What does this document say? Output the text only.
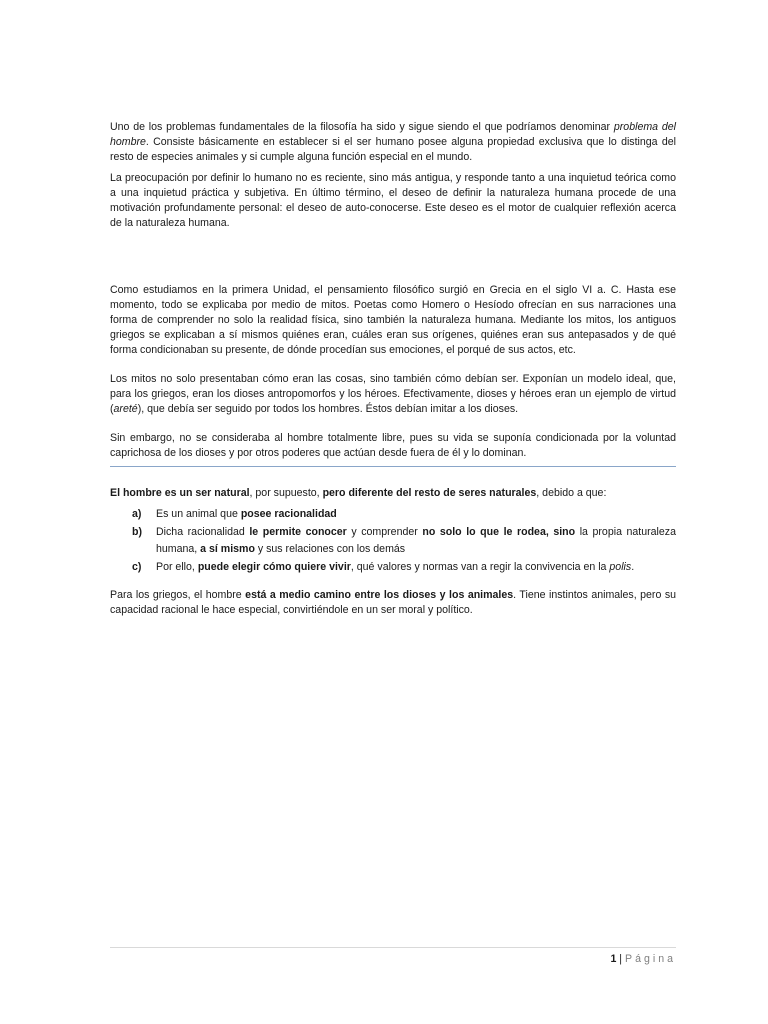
Uno de los problemas fundamentales de la filosofía ha sido y sigue siendo el que podríamos denominar problema del hombre. Consiste básicamente en establecer si el ser humano posee alguna propiedad exclusiva que lo distinga del resto de especies animales y si cumple alguna función especial en el mundo.

La preocupación por definir lo humano no es reciente, sino más antigua, y responde tanto a una inquietud teórica como a una inquietud práctica y subjetiva. En último término, el deseo de definir la naturaleza humana procede de una motivación profundamente personal: el deseo de auto-conocerse. Este deseo es el motor de cualquier reflexión acerca de la naturaleza humana.

Como estudiamos en la primera Unidad, el pensamiento filosófico surgió en Grecia en el siglo VI a. C. Hasta ese momento, todo se explicaba por medio de mitos. Poetas como Homero o Hesíodo ofrecían en sus narraciones una forma de comprender no solo la realidad física, sino también la naturaleza humana. Mediante los mitos, los antiguos griegos se explicaban a sí mismos quiénes eran, cuáles eran sus orígenes, quiénes eran sus antepasados y de qué forma condicionaban su presente, de dónde procedían sus emociones, el porqué de sus actos, etc.

Los mitos no solo presentaban cómo eran las cosas, sino también cómo debían ser. Exponían un modelo ideal, que, para los griegos, eran los dioses antropomorfos y los héroes. Efectivamente, dioses y héroes eran un ejemplo de virtud (areté), que debía ser seguido por todos los hombres. Éstos debían imitar a los dioses.

Sin embargo, no se consideraba al hombre totalmente libre, pues su vida se suponía condicionada por la voluntad caprichosa de los dioses y por otros poderes que actúan desde fuera de él y lo dominan.

El hombre es un ser natural, por supuesto, pero diferente del resto de seres naturales, debido a que:

a) Es un animal que posee racionalidad
b) Dicha racionalidad le permite conocer y comprender no solo lo que le rodea, sino la propia naturaleza humana, a sí mismo y sus relaciones con los demás
c) Por ello, puede elegir cómo quiere vivir, qué valores y normas van a regir la convivencia en la polis.

Para los griegos, el hombre está a medio camino entre los dioses y los animales. Tiene instintos animales, pero su capacidad racional le hace especial, convirtiéndole en un ser moral y político.

1 | Página
